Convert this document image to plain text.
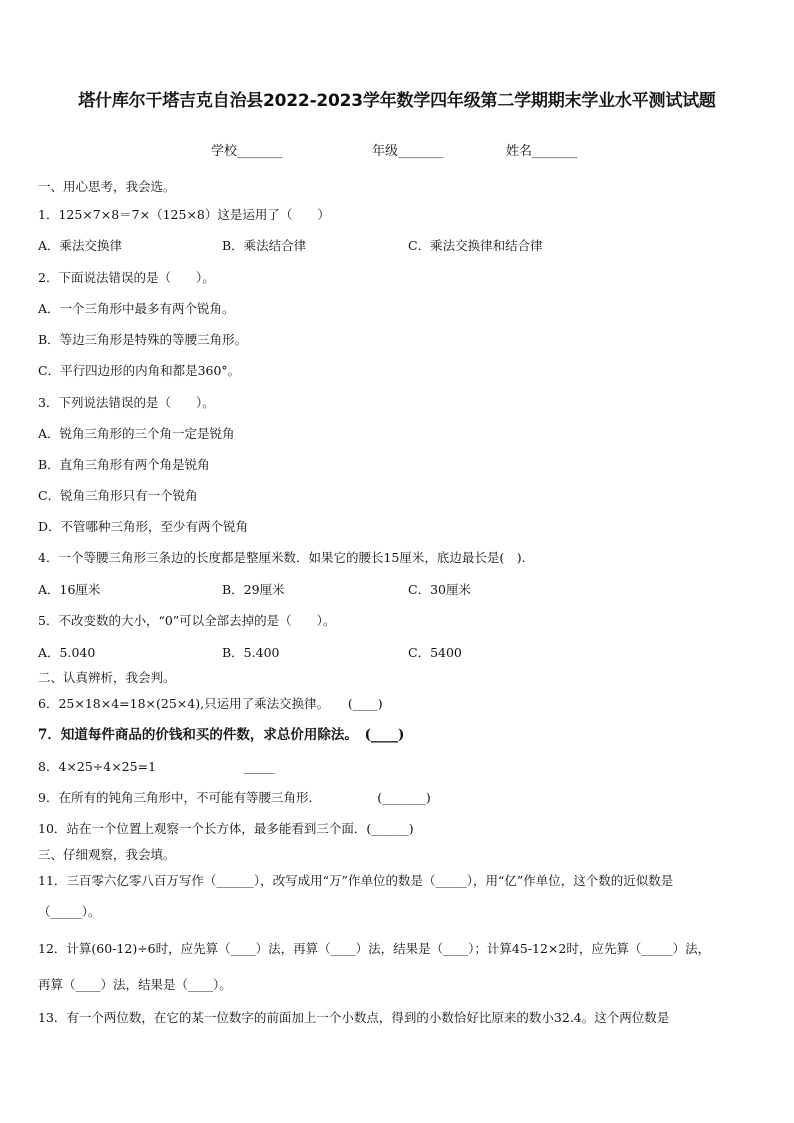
塔什库尔干塔吉克自治县2022-2023学年数学四年级第二学期期末学业水平测试试题
学校_______	年级_______	姓名_______
一、用心思考，我会选。
1．125×7×8＝7×（125×8）这是运用了（　　）
A．乘法交换律	B．乘法结合律	C．乘法交换律和结合律
2．下面说法错误的是（　　）。
A．一个三角形中最多有两个锐角。
B．等边三角形是特殊的等腰三角形。
C．平行四边形的内角和都是360°。
3．下列说法错误的是（　　）。
A．锐角三角形的三个角一定是锐角
B．直角三角形有两个角是锐角
C．锐角三角形只有一个锐角
D．不管哪种三角形，至少有两个锐角
4．一个等腰三角形三条边的长度都是整厘米数．如果它的腰长15厘米，底边最长是(　).
A．16厘米	B．29厘米	C．30厘米
5．不改变数的大小，“0”可以全部去掉的是（　　）。
A．5.040	B．5.400	C．5400
二、认真辨析，我会判。
6．25×18×4=18×(25×4),只运用了乘法交换律。　　(____)
7．知道每件商品的价钱和买的件数，求总价用除法。　(____)
8．4×25÷4×25=1　　　　　　　_____
9．在所有的钝角三角形中，不可能有等腰三角形．　　　　　(_______)
10．站在一个位置上观察一个长方体，最多能看到三个面．(______)
三、仔细观察，我会填。
11．三百零六亿零八百万写作（______），改写成用“万”作单位的数是（_____），用“亿”作单位，这个数的近似数是
（_____）。
12．计算(60-12)÷6时，应先算（____）法，再算（____）法，结果是（____）；计算45-12×2时，应先算（_____）法，
再算（____）法，结果是（____）。
13．有一个两位数，在它的某一位数字的前面加上一个小数点，得到的小数恰好比原来的数小32.4。这个两位数是
